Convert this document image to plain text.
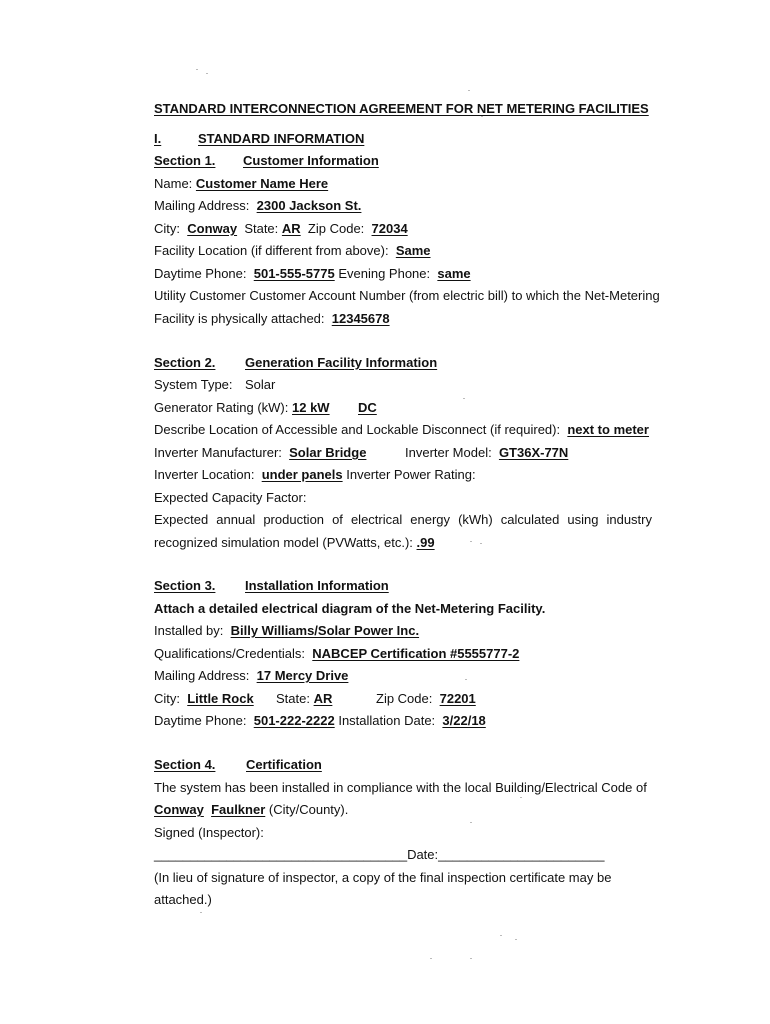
STANDARD INTERCONNECTION AGREEMENT FOR NET METERING FACILITIES
I.	STANDARD INFORMATION
Section 1. Customer Information
Name: Customer Name Here
Mailing Address: 2300 Jackson St.
City: Conway State: AR Zip Code: 72034
Facility Location (if different from above): Same
Daytime Phone: 501-555-5775 Evening Phone: same
Utility Customer Customer Account Number (from electric bill) to which the Net-Metering
Facility is physically attached: 12345678
Section 2. Generation Facility Information
System Type: Solar
Generator Rating (kW): 12 kW DC
Describe Location of Accessible and Lockable Disconnect (if required): next to meter
Inverter Manufacturer: Solar Bridge	Inverter Model: GT36X-77N
Inverter Location: under panels Inverter Power Rating:
Expected Capacity Factor:
Expected annual production of electrical energy (kWh) calculated using industry
recognized simulation model (PVWatts, etc.): .99
Section 3. Installation Information
Attach a detailed electrical diagram of the Net-Metering Facility.
Installed by: Billy Williams/Solar Power Inc.
Qualifications/Credentials: NABCEP Certification #5555777-2
Mailing Address: 17 Mercy Drive
City: Little Rock State: AR	Zip Code: 72201
Daytime Phone: 501-222-2222 Installation Date: 3/22/18
Section 4. Certification
The system has been installed in compliance with the local Building/Electrical Code of
Conway Faulkner (City/County).
Signed (Inspector):
___________________________________Date:_______________________
(In lieu of signature of inspector, a copy of the final inspection certificate may be
attached.)
